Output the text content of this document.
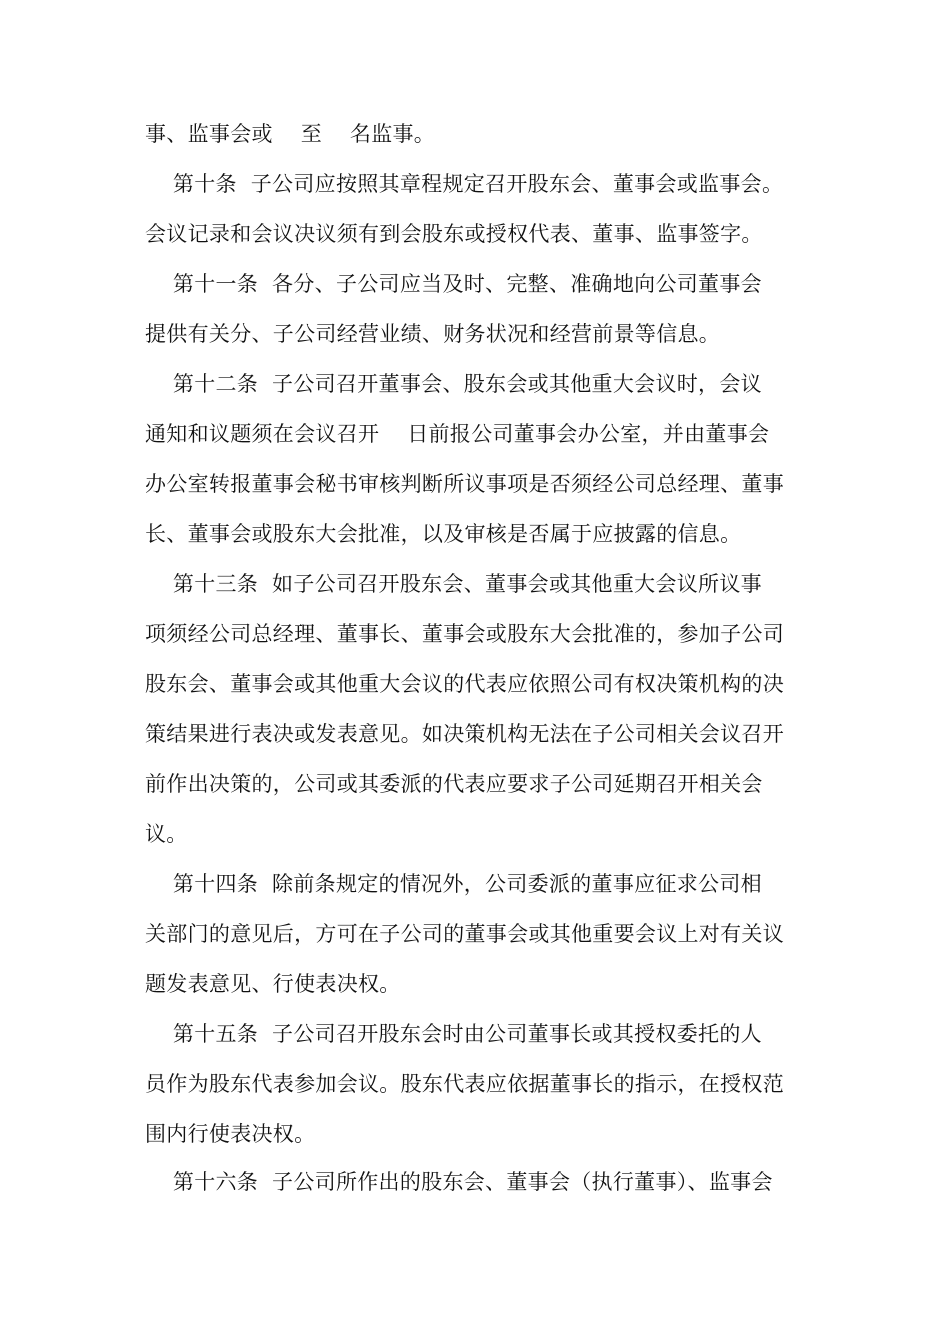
事、监事会或    至    名监事。
第十条  子公司应按照其章程规定召开股东会、董事会或监事会。
会议记录和会议决议须有到会股东或授权代表、董事、监事签字。
第十一条  各分、子公司应当及时、完整、准确地向公司董事会
提供有关分、子公司经营业绩、财务状况和经营前景等信息。
第十二条  子公司召开董事会、股东会或其他重大会议时，会议
通知和议题须在会议召开    日前报公司董事会办公室，并由董事会
办公室转报董事会秘书审核判断所议事项是否须经公司总经理、董事
长、董事会或股东大会批准，以及审核是否属于应披露的信息。
第十三条  如子公司召开股东会、董事会或其他重大会议所议事
项须经公司总经理、董事长、董事会或股东大会批准的，参加子公司
股东会、董事会或其他重大会议的代表应依照公司有权决策机构的决
策结果进行表决或发表意见。如决策机构无法在子公司相关会议召开
前作出决策的，公司或其委派的代表应要求子公司延期召开相关会
议。
第十四条  除前条规定的情况外，公司委派的董事应征求公司相
关部门的意见后，方可在子公司的董事会或其他重要会议上对有关议
题发表意见、行使表决权。
第十五条  子公司召开股东会时由公司董事长或其授权委托的人
员作为股东代表参加会议。股东代表应依据董事长的指示，在授权范
围内行使表决权。
第十六条  子公司所作出的股东会、董事会（执行董事）、监事会
